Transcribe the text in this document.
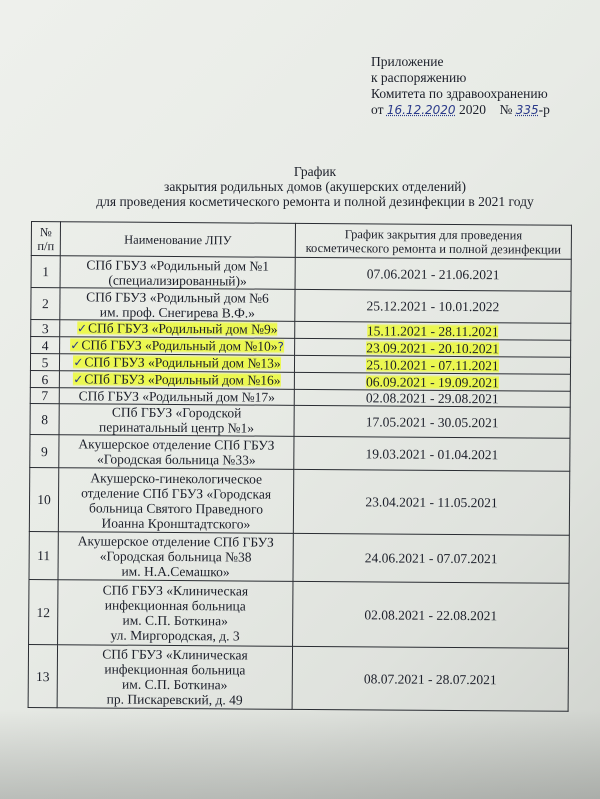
Приложение
к распоряжению
Комитета по здравоохранению
от 16.12.2020 2020 № 335-р
График
закрытия родильных домов (акушерских отделений)
для проведения косметического ремонта и полной дезинфекции в 2021 году
№
п/п	Наименование ЛПУ	График закрытия для проведения
косметического ремонта и полной дезинфекции

1	СПб ГБУЗ «Родильный дом №1
(специализированный)»	07.06.2021 - 21.06.2021
2	СПб ГБУЗ «Родильный дом №6
им. проф. Снегирева В.Ф.»	25.12.2021 - 10.01.2022
3	✓СПб ГБУЗ «Родильный дом №9»	15.11.2021 - 28.11.2021
4	✓СПб ГБУЗ «Родильный дом №10»?	23.09.2021 - 20.10.2021
5	✓СПб ГБУЗ «Родильный дом №13»	25.10.2021 - 07.11.2021
6	✓СПб ГБУЗ «Родильный дом №16»	06.09.2021 - 19.09.2021
7	СПб ГБУЗ «Родильный дом №17»	02.08.2021 - 29.08.2021
8	СПб ГБУЗ «Городской
перинатальный центр №1»	17.05.2021 - 30.05.2021
9	Акушерское отделение СПб ГБУЗ
«Городская больница №33»	19.03.2021 - 01.04.2021
10	Акушерско-гинекологическое
отделение СПб ГБУЗ «Городская
больница Святого Праведного
Иоанна Кронштадтского»	23.04.2021 - 11.05.2021
11	Акушерское отделение СПб ГБУЗ
«Городская больница №38
им. Н.А.Семашко»	24.06.2021 - 07.07.2021
12	СПб ГБУЗ «Клиническая
инфекционная больница
им. С.П. Боткина»
ул. Миргородская, д. 3	02.08.2021 - 22.08.2021
13	СПб ГБУЗ «Клиническая
инфекционная больница
им. С.П. Боткина»
пр. Пискаревский, д. 49	08.07.2021 - 28.07.2021
